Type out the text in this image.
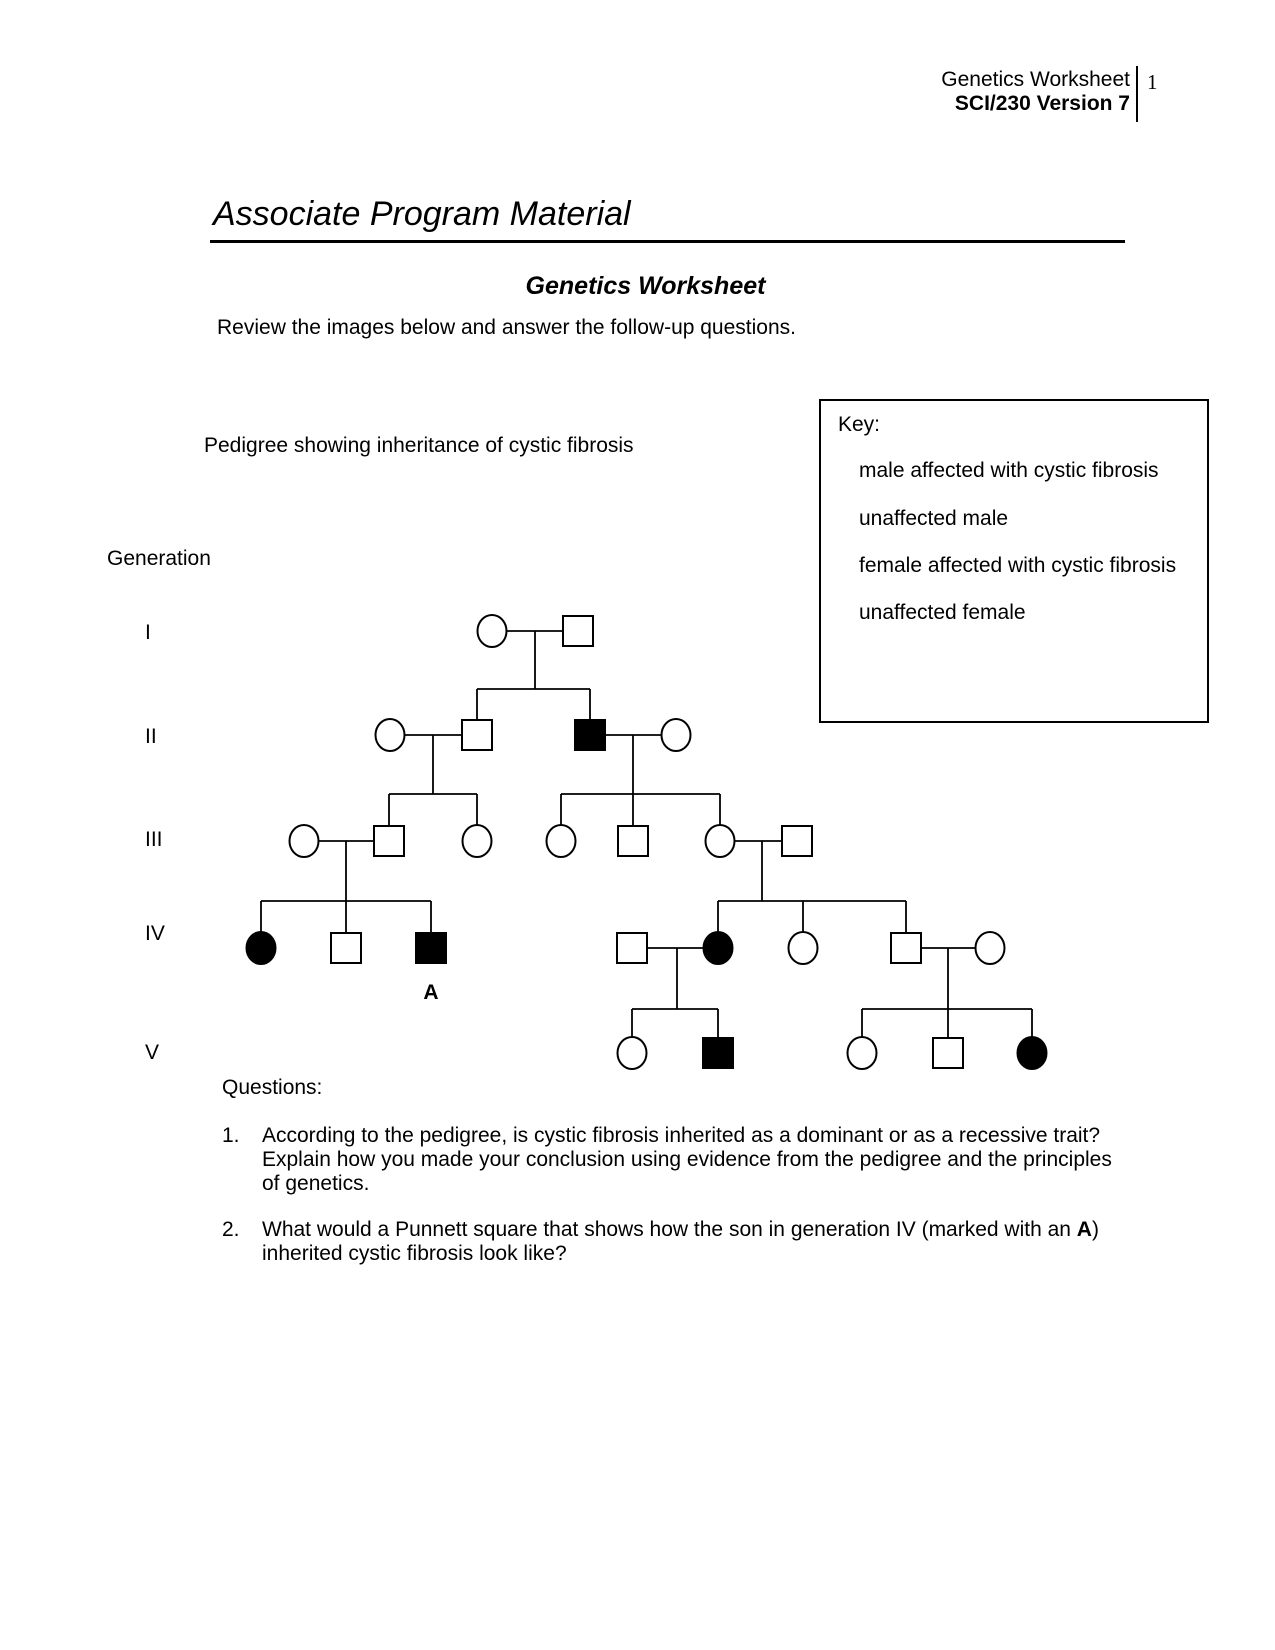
Genetics Worksheet
SCI/230 Version 7
1
Associate Program Material
Genetics Worksheet
Review the images below and answer the follow-up questions.
Key:
male affected with cystic fibrosis
unaffected male
female affected with cystic fibrosis
unaffected female
Pedigree showing inheritance of cystic fibrosis
Generation
I
II
III
IV
V
A
Questions:
1.	According to the pedigree, is cystic fibrosis inherited as a dominant or as a recessive trait?
Explain how you made your conclusion using evidence from the pedigree and the principles
of genetics.
2.	What would a Punnett square that shows how the son in generation IV (marked with an A)
inherited cystic fibrosis look like?
